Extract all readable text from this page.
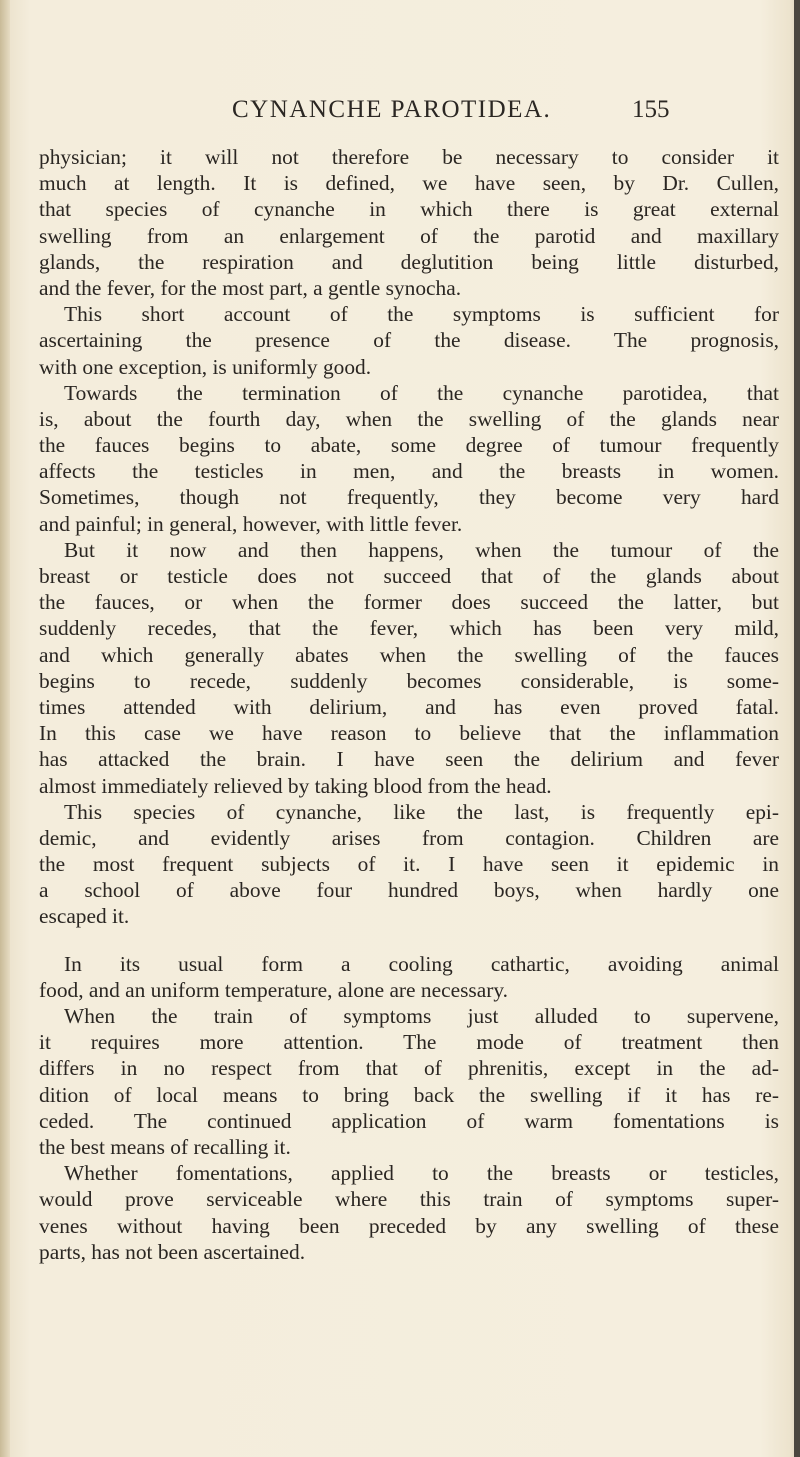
CYNANCHE PAROTIDEA.	155
physician; it will not therefore be necessary to consider it
much at length. It is defined, we have seen, by Dr. Cullen,
that species of cynanche in which there is great external
swelling from an enlargement of the parotid and maxillary
glands, the respiration and deglutition being little disturbed,
and the fever, for the most part, a gentle synocha.
This short account of the symptoms is sufficient for
ascertaining the presence of the disease. The prognosis,
with one exception, is uniformly good.
Towards the termination of the cynanche parotidea, that
is, about the fourth day, when the swelling of the glands near
the fauces begins to abate, some degree of tumour frequently
affects the testicles in men, and the breasts in women.
Sometimes, though not frequently, they become very hard
and painful; in general, however, with little fever.
But it now and then happens, when the tumour of the
breast or testicle does not succeed that of the glands about
the fauces, or when the former does succeed the latter, but
suddenly recedes, that the fever, which has been very mild,
and which generally abates when the swelling of the fauces
begins to recede, suddenly becomes considerable, is some-
times attended with delirium, and has even proved fatal.
In this case we have reason to believe that the inflammation
has attacked the brain. I have seen the delirium and fever
almost immediately relieved by taking blood from the head.
This species of cynanche, like the last, is frequently epi-
demic, and evidently arises from contagion. Children are
the most frequent subjects of it. I have seen it epidemic in
a school of above four hundred boys, when hardly one
escaped it.
In its usual form a cooling cathartic, avoiding animal
food, and an uniform temperature, alone are necessary.
When the train of symptoms just alluded to supervene,
it requires more attention. The mode of treatment then
differs in no respect from that of phrenitis, except in the ad-
dition of local means to bring back the swelling if it has re-
ceded. The continued application of warm fomentations is
the best means of recalling it.
Whether fomentations, applied to the breasts or testicles,
would prove serviceable where this train of symptoms super-
venes without having been preceded by any swelling of these
parts, has not been ascertained.
